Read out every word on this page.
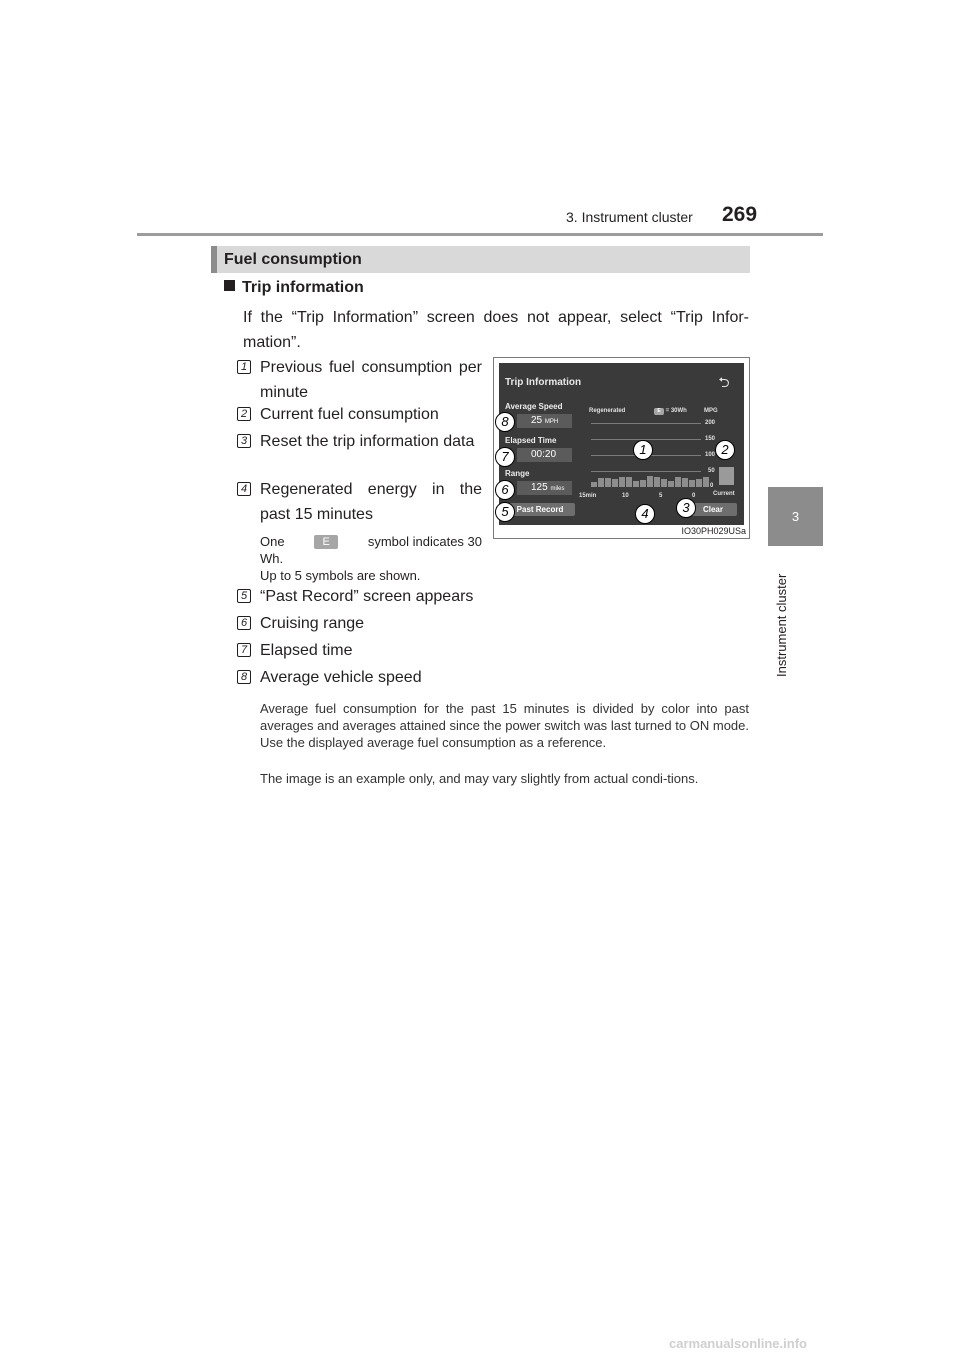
3. Instrument cluster 269
3
Instrument cluster
Fuel consumption
Trip information
If the “Trip Information” screen does not appear, select “Trip Infor-mation”.
1 Previous fuel consumption per minute
2 Current fuel consumption
3 Reset the trip information data
4 Regenerated energy in the past 15 minutes
One	E	symbol indicates 30
Wh.
Up to 5 symbols are shown.
5 “Past Record” screen appears
6 Cruising range
7 Elapsed time
8 Average vehicle speed
Average fuel consumption for the past 15 minutes is divided by color into past averages and averages attained since the power switch was last turned to ON mode. Use the displayed average fuel consumption as a reference.
The image is an example only, and may vary slightly from actual condi-tions.
Trip Information	⮌
Average Speed
25 MPH
Elapsed Time
00:20
Range
125 miles
Past Record	Clear
Regenerated	E = 30Wh	MPG
200
150
100
50
0
Current
15min	10	5	0
1	2
3
4
5
6
7
8
IO30PH029USa
carmanualsonline.info
